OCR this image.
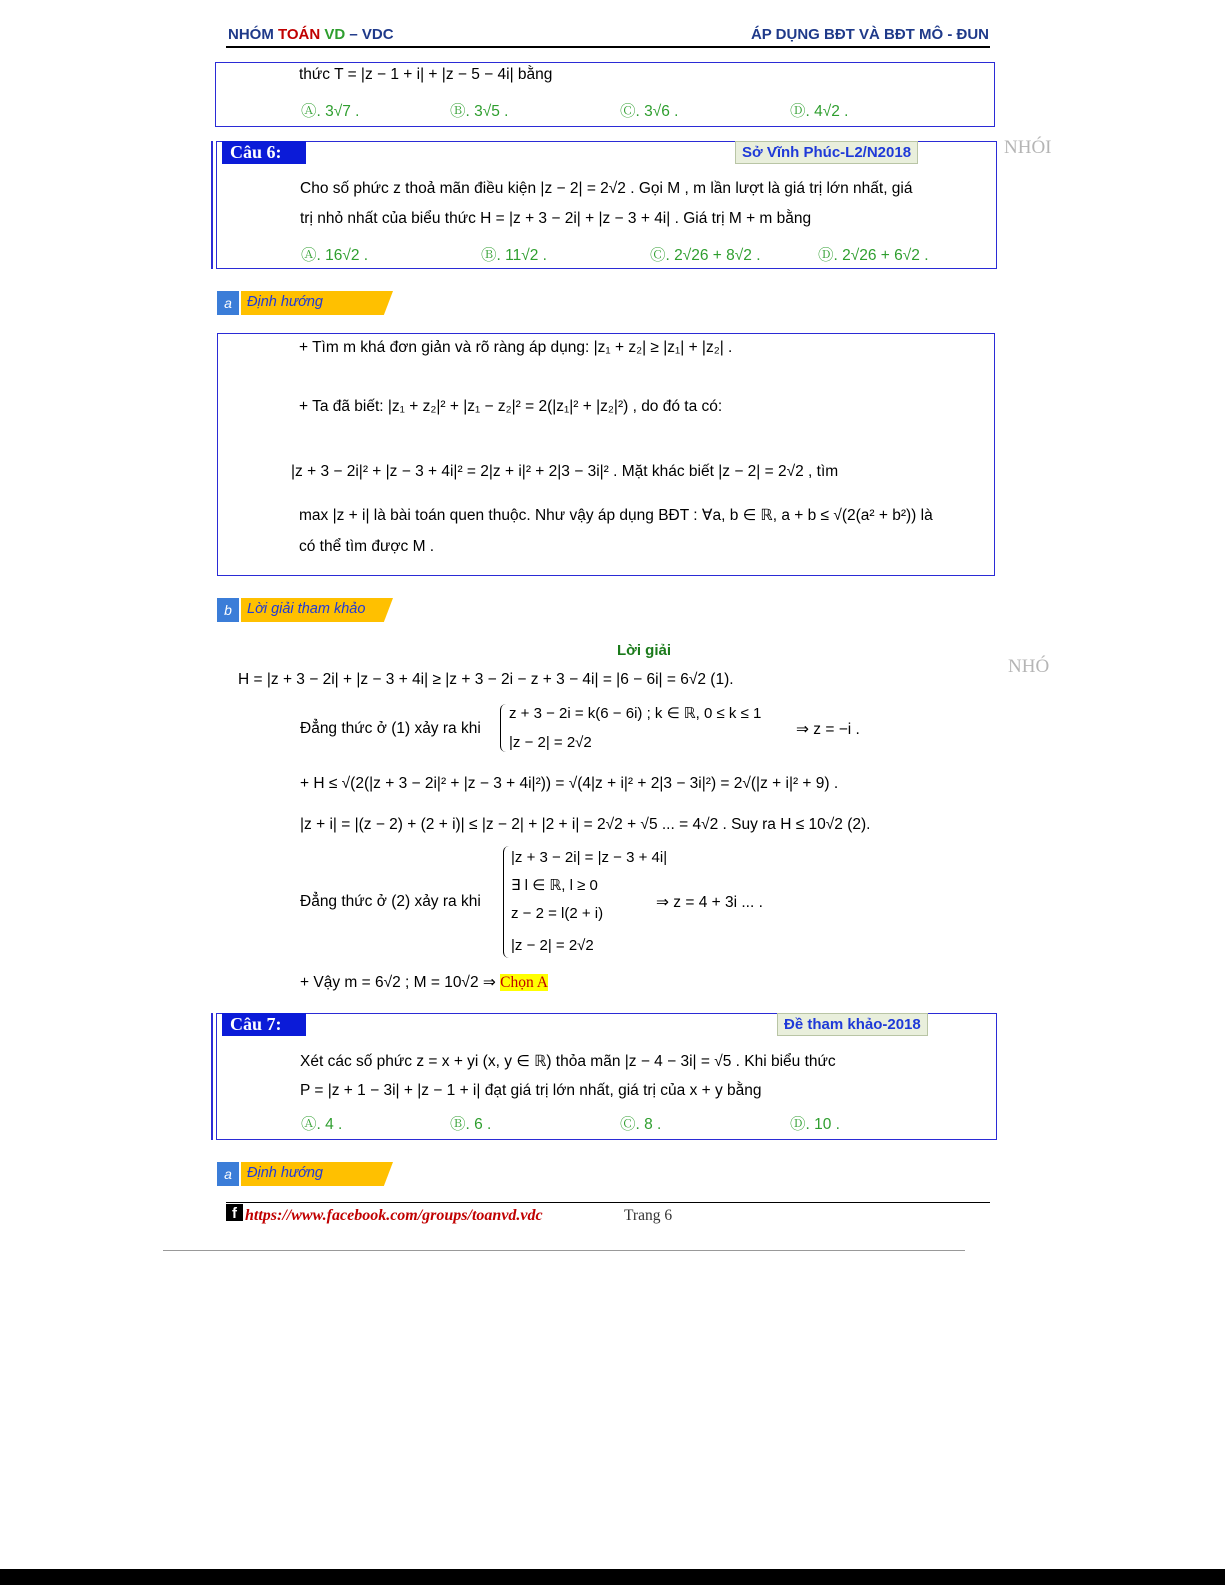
NHÓM TOÁN VD – VDC	ÁP DỤNG BĐT VÀ BĐT MÔ - ĐUN
thức T = |z − 1 + i| + |z − 5 − 4i| bằng
Ⓐ. 3√7 .	Ⓑ. 3√5 .	Ⓒ. 3√6 .	Ⓓ. 4√2 .
Câu 6:	Sở Vĩnh Phúc-L2/N2018
Cho số phức z thoả mãn điều kiện |z − 2| = 2√2 . Gọi M , m lần lượt là giá trị lớn nhất, giá
trị nhỏ nhất của biểu thức H = |z + 3 − 2i| + |z − 3 + 4i| . Giá trị M + m bằng
Ⓐ. 16√2 .	Ⓑ. 11√2 .	Ⓒ. 2√26 + 8√2 .	Ⓓ. 2√26 + 6√2 .
NHÓI
a	Định hướng
+ Tìm m khá đơn giản và rõ ràng áp dụng: |z₁ + z₂| ≥ |z₁| + |z₂| .
+ Ta đã biết: |z₁ + z₂|² + |z₁ − z₂|² = 2(|z₁|² + |z₂|²) , do đó ta có:
|z + 3 − 2i|² + |z − 3 + 4i|² = 2|z + i|² + 2|3 − 3i|² . Mặt khác biết |z − 2| = 2√2 , tìm
max |z + i| là bài toán quen thuộc. Như vậy áp dụng BĐT : ∀a, b ∈ ℝ, a + b ≤ √(2(a² + b²)) là
có thể tìm được M .
b	Lời giải tham khảo
Lời giải
NHÓ
H = |z + 3 − 2i| + |z − 3 + 4i| ≥ |z + 3 − 2i − z + 3 − 4i| = |6 − 6i| = 6√2 (1).
Đẳng thức ở (1) xảy ra khi
z + 3 − 2i = k(6 − 6i) ; k ∈ ℝ, 0 ≤ k ≤ 1
|z − 2| = 2√2
⇒ z = −i .
+ H ≤ √(2(|z + 3 − 2i|² + |z − 3 + 4i|²)) = √(4|z + i|² + 2|3 − 3i|²) = 2√(|z + i|² + 9) .
|z + i| = |(z − 2) + (2 + i)| ≤ |z − 2| + |2 + i| = 2√2 + √5 ... = 4√2 . Suy ra H ≤ 10√2 (2).
Đẳng thức ở (2) xảy ra khi
|z + 3 − 2i| = |z − 3 + 4i|
∃ l ∈ ℝ, l ≥ 0
z − 2 = l(2 + i)
|z − 2| = 2√2
⇒ z = 4 + 3i ... .
+ Vậy m = 6√2 ; M = 10√2 ⇒ Chọn A
Câu 7:	Đề tham khảo-2018
Xét các số phức z = x + yi (x, y ∈ ℝ) thỏa mãn |z − 4 − 3i| = √5 . Khi biểu thức
P = |z + 1 − 3i| + |z − 1 + i| đạt giá trị lớn nhất, giá trị của x + y bằng
Ⓐ. 4 .	Ⓑ. 6 .	Ⓒ. 8 .	Ⓓ. 10 .
a	Định hướng
f https://www.facebook.com/groups/toanvd.vdc	Trang 6
